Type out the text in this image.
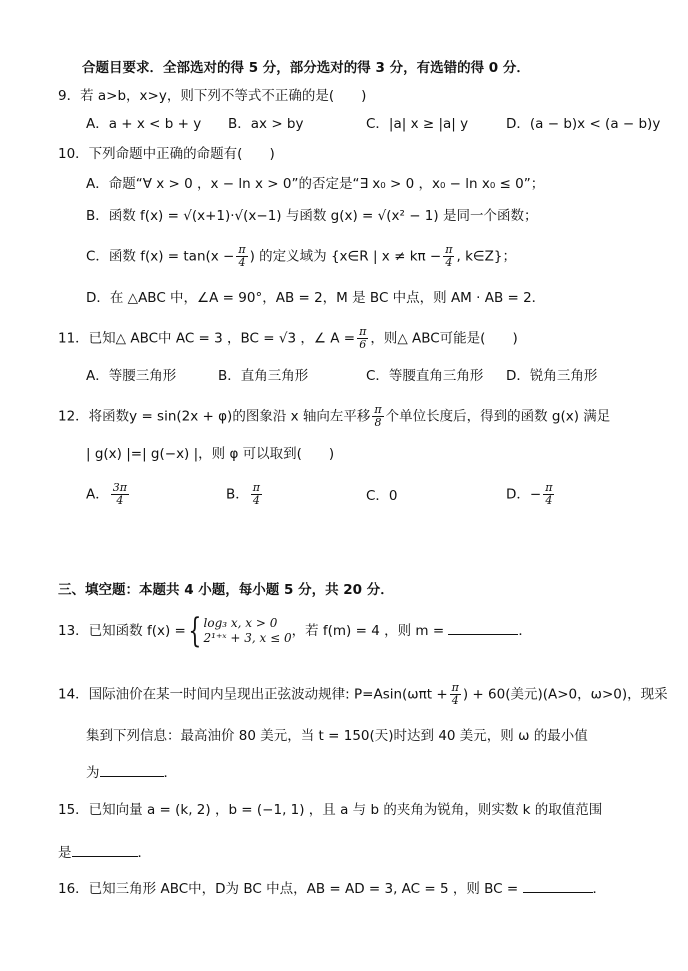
合题目要求．全部选对的得 5 分，部分选对的得 3 分，有选错的得 0 分．
9．若 a>b，x>y，则下列不等式不正确的是(　　)
A．a + x < b + y B．ax > by	C．|a| x ≥ |a| y	D．(a − b)x < (a − b)y
10．下列命题中正确的命题有(　　)
A．命题“∀ x > 0 ，x − ln x > 0”的否定是“∃ x₀ > 0 ，x₀ − ln x₀ ≤ 0”；
B．函数 f(x) = √(x+1)·√(x−1) 与函数 g(x) = √(x² − 1) 是同一个函数；
C．函数 $f(x) = \tan(x - \frac{\pi}{4}$ ) 的定义域为 {x∈R | $x \ne k\pi - \frac{\pi}{4}$ , k∈Z}；
D．在 △ABC 中，∠A = 90°，AB = 2，M 是 BC 中点，则 AM · AB = 2．
11．已知△ ABC中 AC = 3 ，BC = √3 ，∠ $A = \frac{\pi}{6}$ ，则△ ABC可能是(　　)
A．等腰三角形	B．直角三角形	C．等腰直角三角形 D．锐角三角形
12．将函数y = sin(2x + φ)的图象沿 x 轴向左平移 $\frac{\pi}{8}$ 个单位长度后，得到的函数 g(x) 满足
| g(x) |=| g(−x) |，则 φ 可以取到(　　)
A． $\frac{3\pi}{4}$	B． $\frac{\pi}{4}$	C．0	D．− $\frac{\pi}{4}$
三、填空题：本题共 4 小题，每小题 5 分，共 20 分．
13．已知函数 f(x) ={ log₃ x, x > 0
2¹⁺ˣ + 3, x ≤ 0 ，若 f(m) = 4 ，则 m =	．
14．国际油价在某一时间内呈现出正弦波动规律: $P=Asin(\omega\pi t + \frac{\pi}{4}$ ) + 60(美元)(A>0，ω>0)，现采
集到下列信息：最高油价 80 美元，当 t = 150(天)时达到 40 美元，则 ω 的最小值
为	．
15．已知向量 a = (k, 2) ，b = (−1, 1) ，且 a 与 b 的夹角为锐角，则实数 k 的取值范围
是	．
16．已知三角形 ABC中，D为 BC 中点，AB = AD = 3, AC = 5 ，则 BC =	．
